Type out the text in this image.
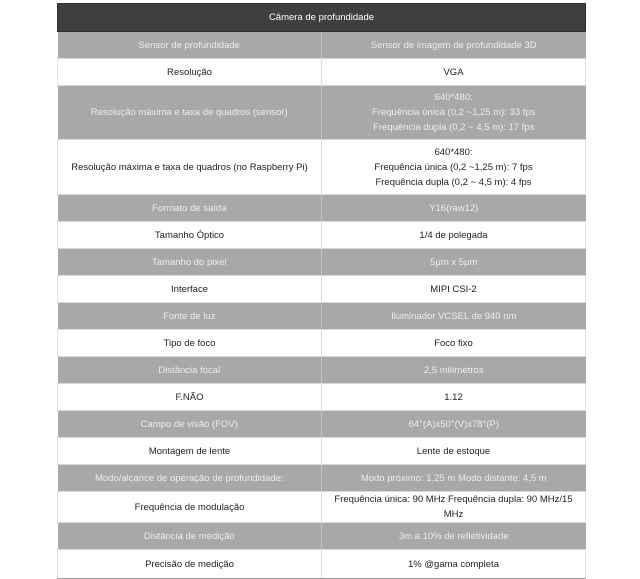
Câmera de profundidade	
Sensor de profundidade	Sensor de imagem de profundidade 3D

Resolução	VGA

Resolução máxima e taxa de quadros (sensor)	640*480:
Frequência única (0,2 ~1,25 m): 33 fps
Frequência dupla (0,2 ~ 4,5 m): 17 fps

Resolução máxima e taxa de quadros (no Raspberry Pi)	640*480:
Frequência única (0,2 ~1,25 m): 7 fps
Frequência dupla (0,2 ~ 4,5 m): 4 fps

Formato de saída	Y16(raw12)

Tamanho Óptico	1/4 de polegada

Tamanho do pixel	5μm x 5μm

Interface	MIPI CSI-2

Fonte de luz	Iluminador VCSEL de 940 nm

Tipo de foco	Foco fixo

Distância focal	2,5 milímetros

F.NÃO	1.12

Campo de visão (FOV)	64°(A)x50°(V)x78°(P)

Montagem de lente	Lente de estoque

Modo/alcance de operação de profundidade:	Modo próximo: 1,25 m Modo distante: 4,5 m

Frequência de modulação	Frequência única: 90 MHz Frequência dupla: 90 MHz/15 MHz

Distância de medição	3m a 10% de refletividade

Precisão de medição	1% @gama completa
